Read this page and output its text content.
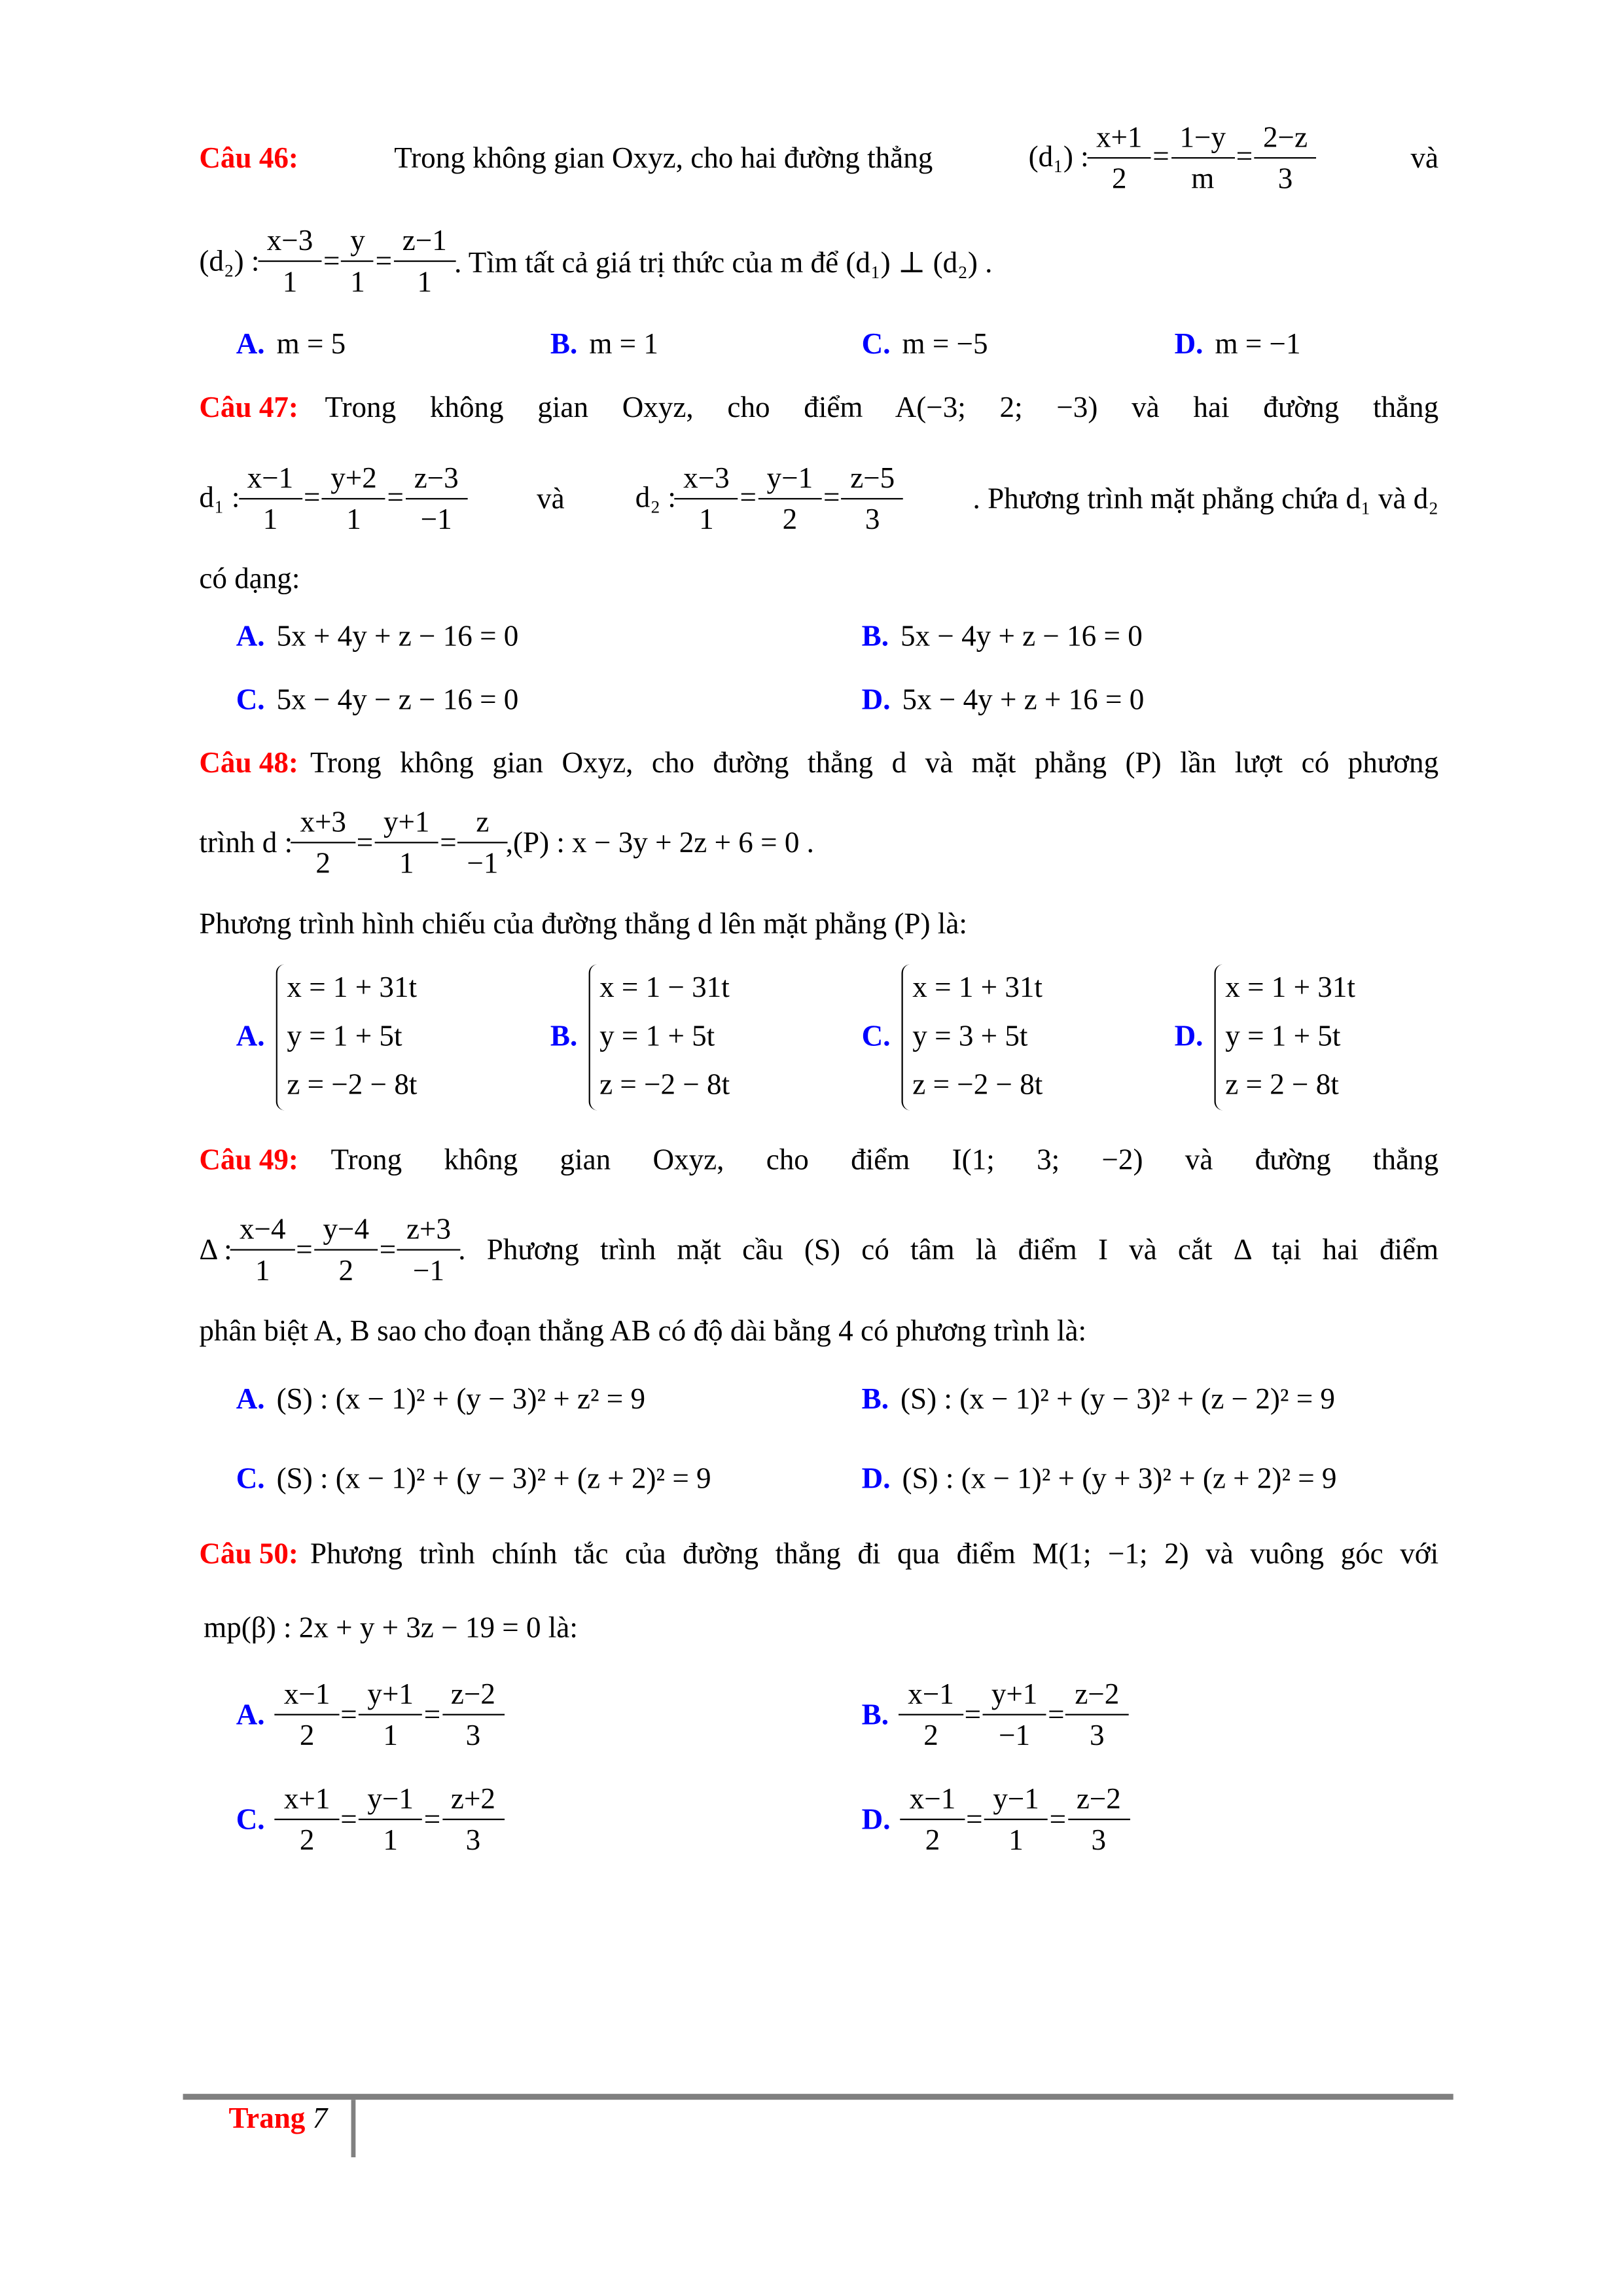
Câu 46:	Trong không gian Oxyz, cho hai đường thẳng	(d₁) : $\frac{x+1}{2} = \frac{1-y}{m} = \frac{2-z}{3}$	và
(d₂) : $\frac{x-3}{1} = \frac{y}{1} = \frac{z-1}{1}$ . Tìm tất cả giá trị thức của m để (d₁) ⊥ (d₂) .
A. m = 5	B. m = 1	C. m = −5	D. m = −1
Câu 47: Trong không gian Oxyz, cho điểm A(−3; 2; −3) và hai đường thẳng
d₁ : $\frac{x-1}{1} = \frac{y+2}{1} = \frac{z-3}{-1}$	và	d₂ : $\frac{x-3}{1} = \frac{y-1}{2} = \frac{z-5}{3}$	. Phương trình mặt phẳng chứa d₁ và d₂
có dạng:
A. 5x + 4y + z − 16 = 0	B. 5x − 4y + z − 16 = 0
C. 5x − 4y − z − 16 = 0	D. 5x − 4y + z + 16 = 0
Câu 48: Trong không gian Oxyz, cho đường thẳng d và mặt phẳng (P) lần lượt có phương
trình d : $\frac{x+3}{2} = \frac{y+1}{1} = \frac{z}{-1} ,(P)$ : x − 3y + 2z + 6 = 0 .
Phương trình hình chiếu của đường thẳng d lên mặt phẳng (P) là:
A.
x = 1 + 31t
y = 1 + 5t
z = −2 − 8t
B.
x = 1 − 31t
y = 1 + 5t
z = −2 − 8t
C.
x = 1 + 31t
y = 3 + 5t
z = −2 − 8t
D.
x = 1 + 31t
y = 1 + 5t
z = 2 − 8t
Câu 49: Trong không gian Oxyz, cho điểm I(1; 3; −2) và đường thẳng
Δ : $\frac{x-4}{1} = \frac{y-4}{2} = \frac{z+3}{-1}$ . Phương trình mặt cầu (S) có tâm là điểm I và cắt Δ tại hai điểm
phân biệt A, B sao cho đoạn thẳng AB có độ dài bằng 4 có phương trình là:
A. (S) : (x − 1)² + (y − 3)² + z² = 9	B. (S) : (x − 1)² + (y − 3)² + (z − 2)² = 9
C. (S) : (x − 1)² + (y − 3)² + (z + 2)² = 9	D. (S) : (x − 1)² + (y + 3)² + (z + 2)² = 9
Câu 50: Phương trình chính tắc của đường thẳng đi qua điểm M(1; −1; 2) và vuông góc với
mp(β) : 2x + y + 3z − 19 = 0 là:
A. $\frac{x-1}{2} = \frac{y+1}{1} = \frac{z-2}{3}$	B. $\frac{x-1}{2} = \frac{y+1}{-1} = \frac{z-2}{3}$
C. $\frac{x+1}{2} = \frac{y-1}{1} = \frac{z+2}{3}$	D. $\frac{x-1}{2} = \frac{y-1}{1} = \frac{z-2}{3}$
Trang 7
